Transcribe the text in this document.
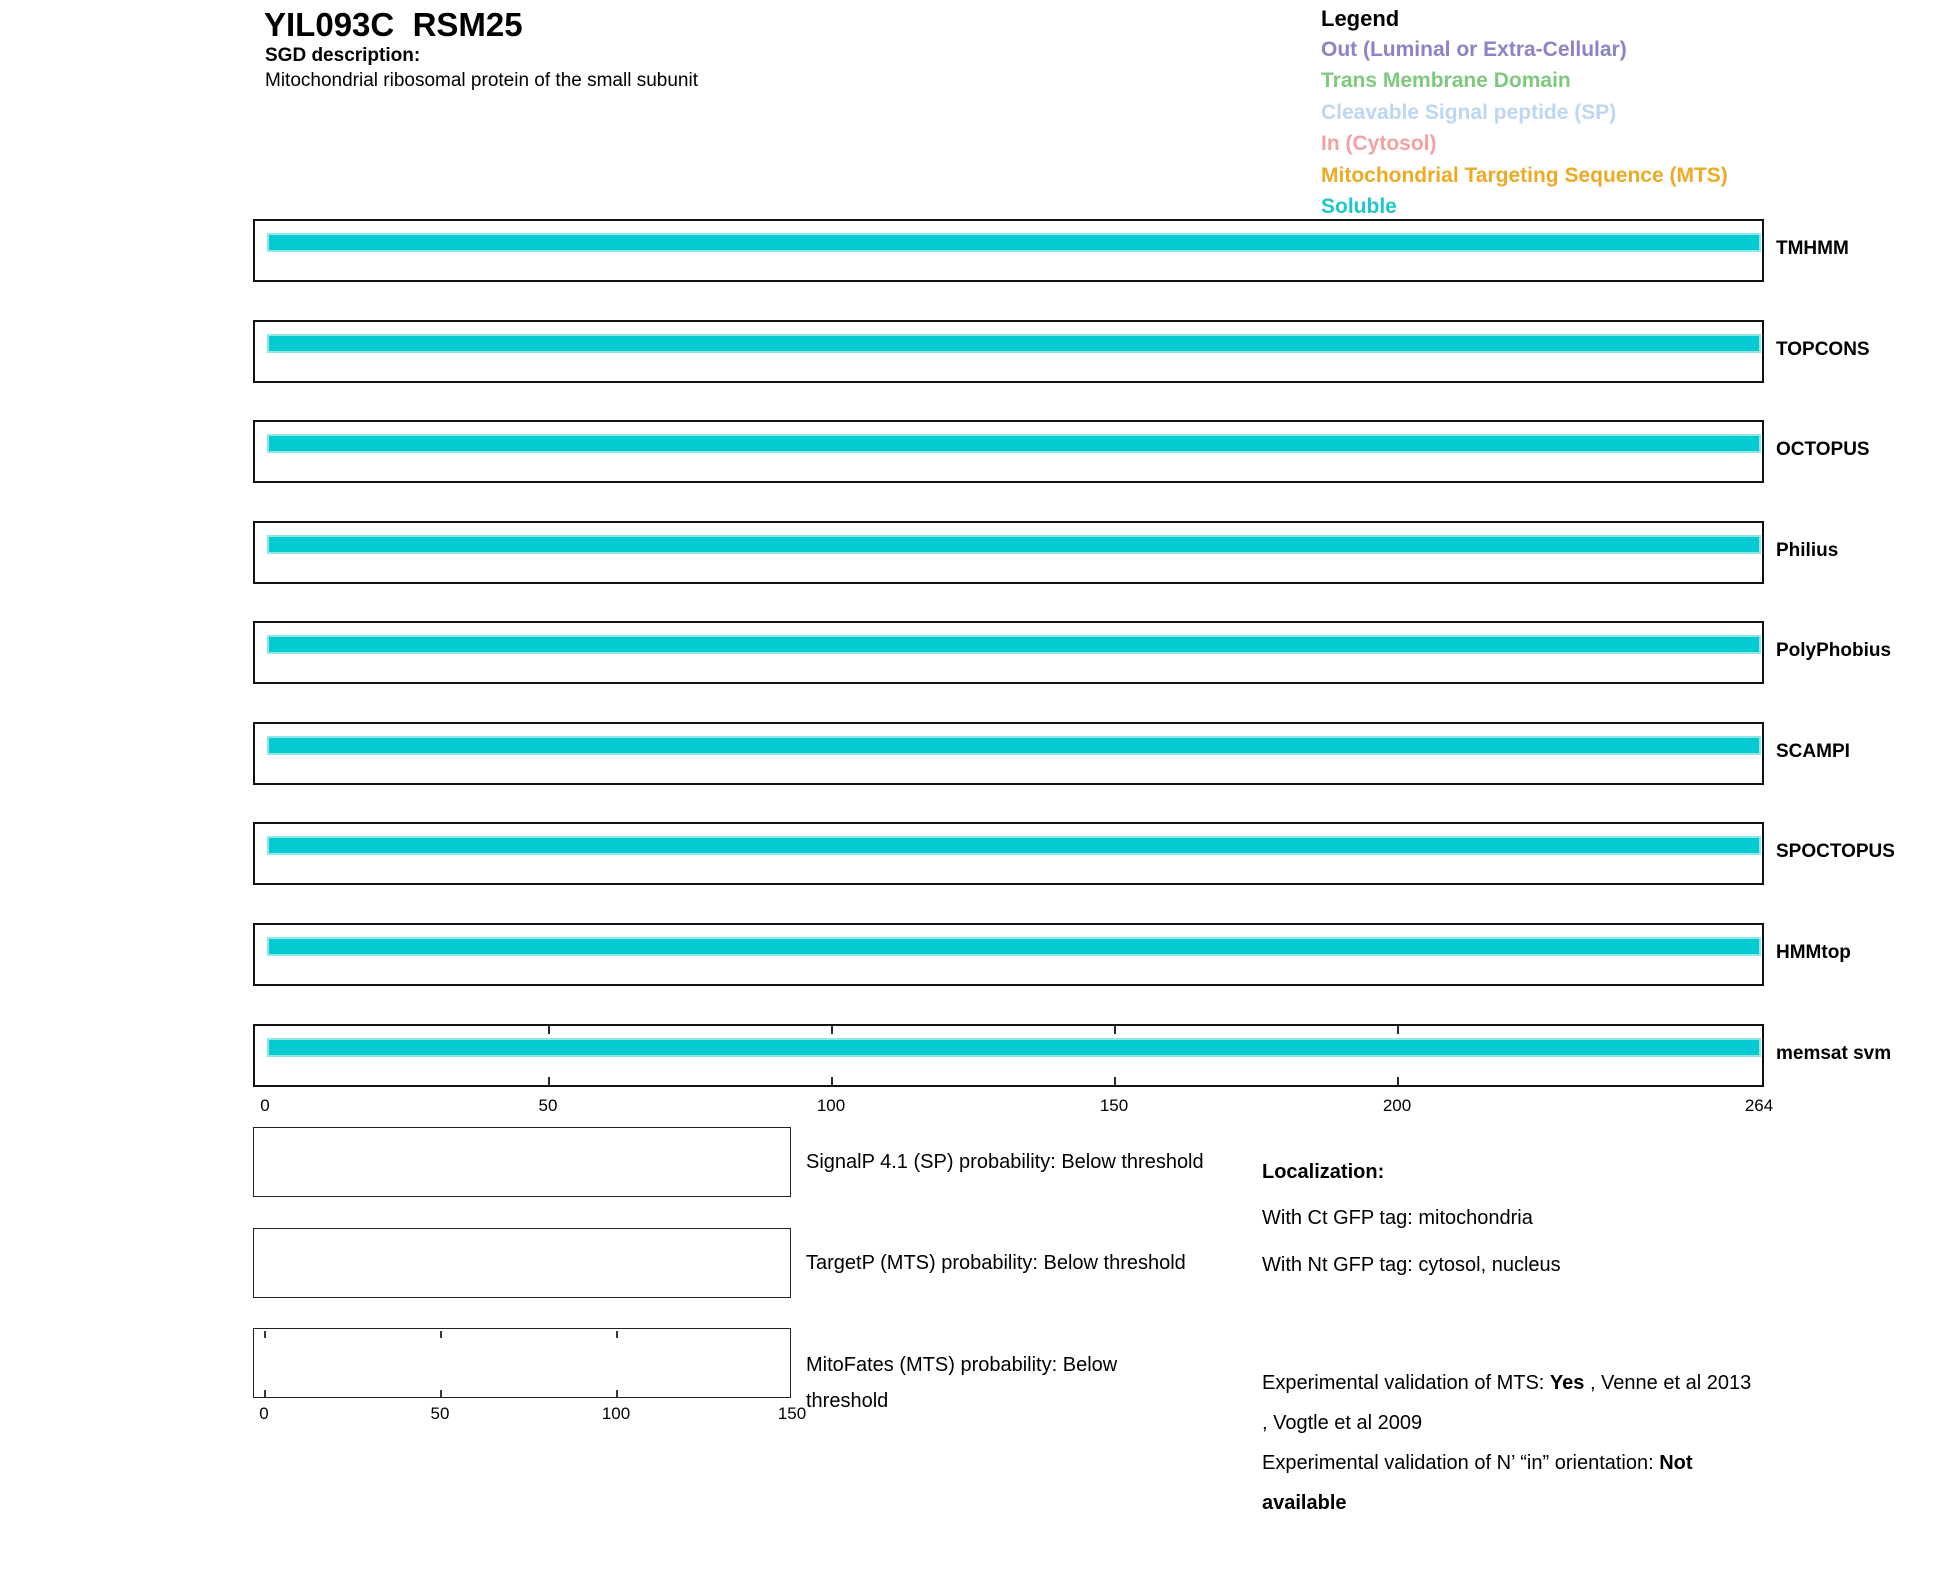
YIL093C  RSM25
SGD description:
Mitochondrial ribosomal protein of the small subunit
Legend
Out (Luminal or Extra-Cellular)
Trans Membrane Domain
Cleavable Signal peptide (SP)
In (Cytosol)
Mitochondrial Targeting Sequence (MTS)
Soluble
TMHMM
TOPCONS
OCTOPUS
Philius
PolyPhobius
SCAMPI
SPOCTOPUS
HMMtop
memsat svm
0	50	100	150	200	264
SignalP 4.1 (SP) probability: Below threshold
TargetP (MTS) probability: Below threshold
MitoFates (MTS) probability: Below threshold
0	50	100	150
Localization:
With Ct GFP tag: mitochondria
With Nt GFP tag: cytosol, nucleus
Experimental validation of MTS: Yes , Venne et al 2013
, Vogtle et al 2009
Experimental validation of N’ “in” orientation: Not
available
